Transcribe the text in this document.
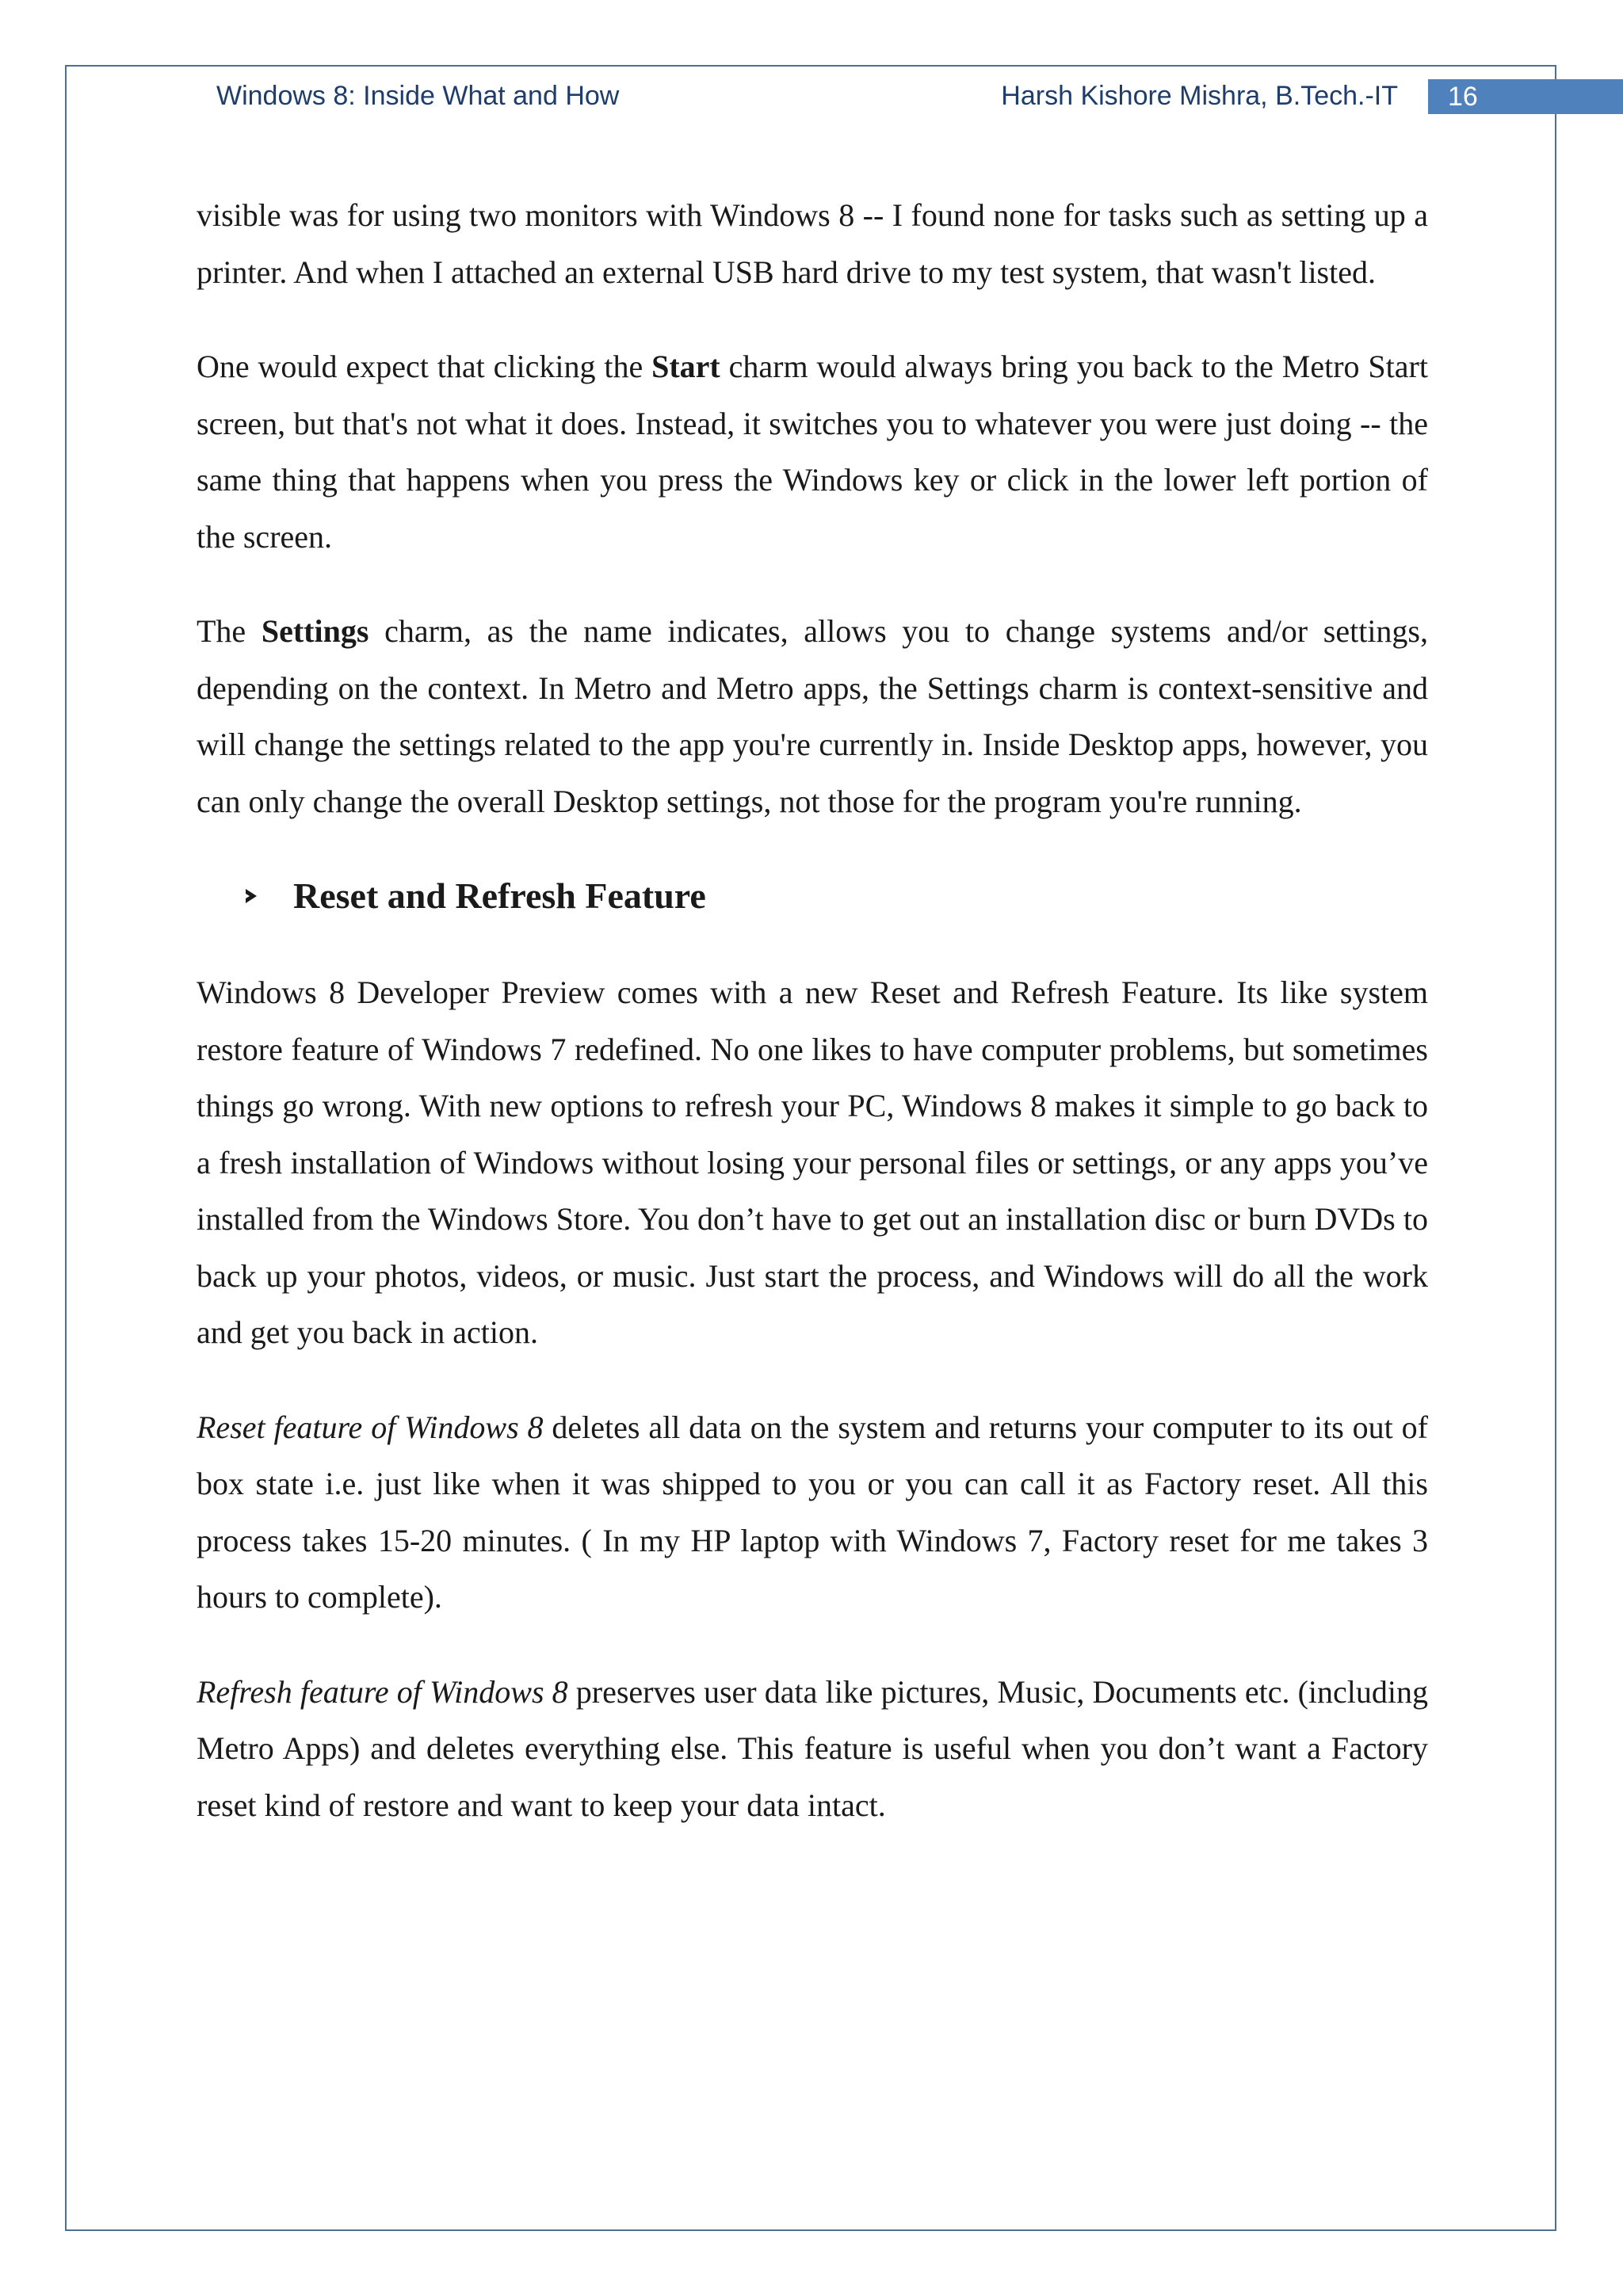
Windows 8: Inside What and How	Harsh Kishore Mishra, B.Tech.-IT	16

visible was for using two monitors with Windows 8 -- I found none for tasks such as setting up a printer. And when I attached an external USB hard drive to my test system, that wasn't listed.

One would expect that clicking the Start charm would always bring you back to the Metro Start screen, but that's not what it does. Instead, it switches you to whatever you were just doing -- the same thing that happens when you press the Windows key or click in the lower left portion of the screen.

The Settings charm, as the name indicates, allows you to change systems and/or settings, depending on the context. In Metro and Metro apps, the Settings charm is context-sensitive and will change the settings related to the app you're currently in. Inside Desktop apps, however, you can only change the overall Desktop settings, not those for the program you're running.

Reset and Refresh Feature

Windows 8 Developer Preview comes with a new Reset and Refresh Feature. Its like system restore feature of Windows 7 redefined. No one likes to have computer problems, but sometimes things go wrong. With new options to refresh your PC, Windows 8 makes it simple to go back to a fresh installation of Windows without losing your personal files or settings, or any apps you’ve installed from the Windows Store. You don’t have to get out an installation disc or burn DVDs to back up your photos, videos, or music. Just start the process, and Windows will do all the work and get you back in action.

Reset feature of Windows 8 deletes all data on the system and returns your computer to its out of box state i.e. just like when it was shipped to you or you can call it as Factory reset. All this process takes 15-20 minutes. ( In my HP laptop with Windows 7, Factory reset for me takes 3 hours to complete).

Refresh feature of Windows 8 preserves user data like pictures, Music, Documents etc. (including Metro Apps) and deletes everything else. This feature is useful when you don’t want a Factory reset kind of restore and want to keep your data intact.
